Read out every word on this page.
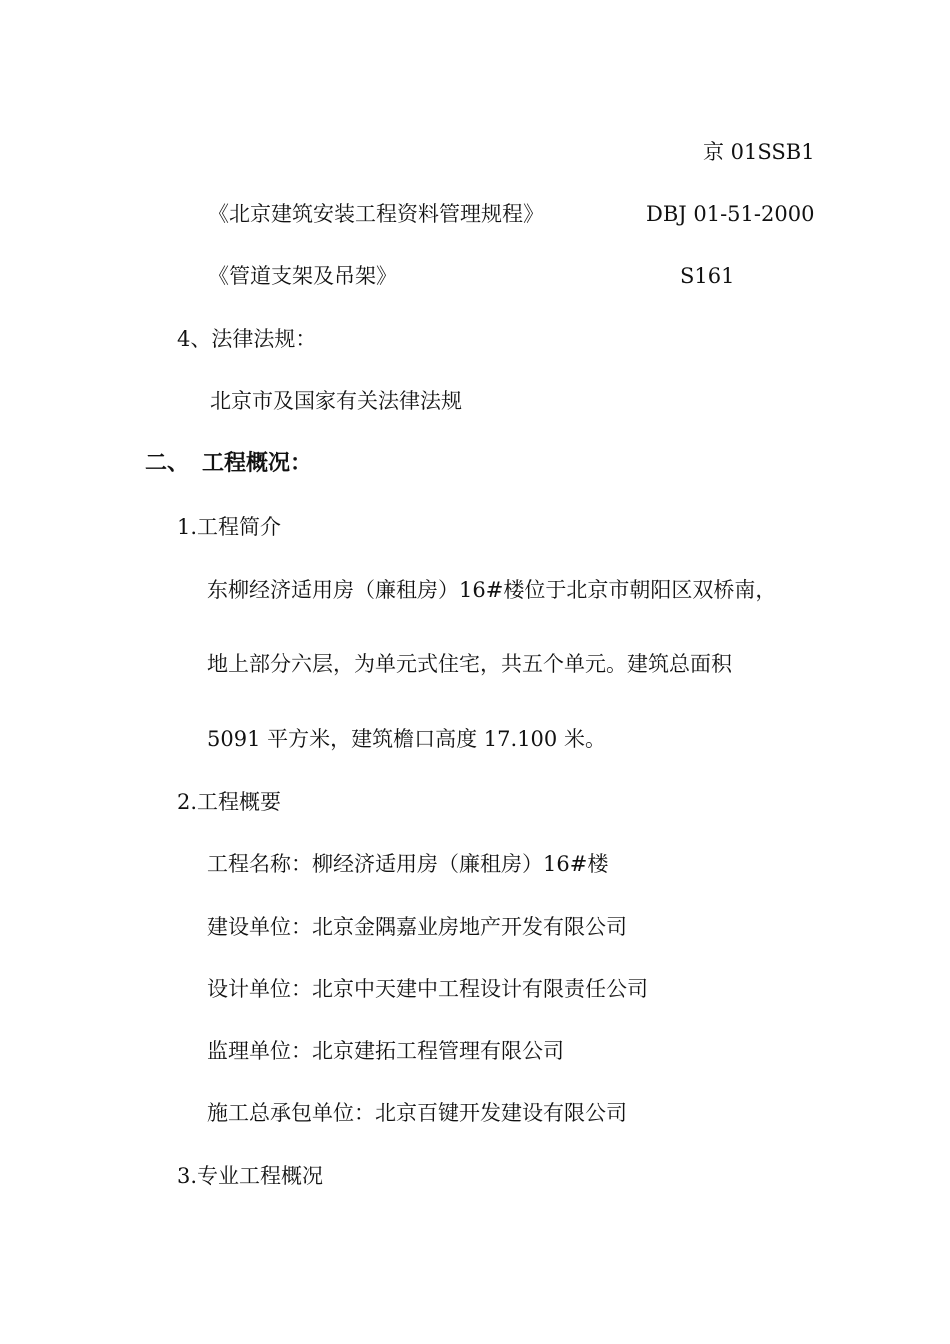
京 01SSB1
《北京建筑安装工程资料管理规程》	DBJ 01-51-2000
《管道支架及吊架》	S161
4、法律法规：
北京市及国家有关法律法规
二、 工程概况：
1.工程简介
东柳经济适用房（廉租房）16#楼位于北京市朝阳区双桥南，
地上部分六层，为单元式住宅，共五个单元。建筑总面积
5091 平方米，建筑檐口高度 17.100 米。
2.工程概要
工程名称：柳经济适用房（廉租房）16#楼
建设单位：北京金隅嘉业房地产开发有限公司
设计单位：北京中天建中工程设计有限责任公司
监理单位：北京建拓工程管理有限公司
施工总承包单位：北京百键开发建设有限公司
3.专业工程概况
